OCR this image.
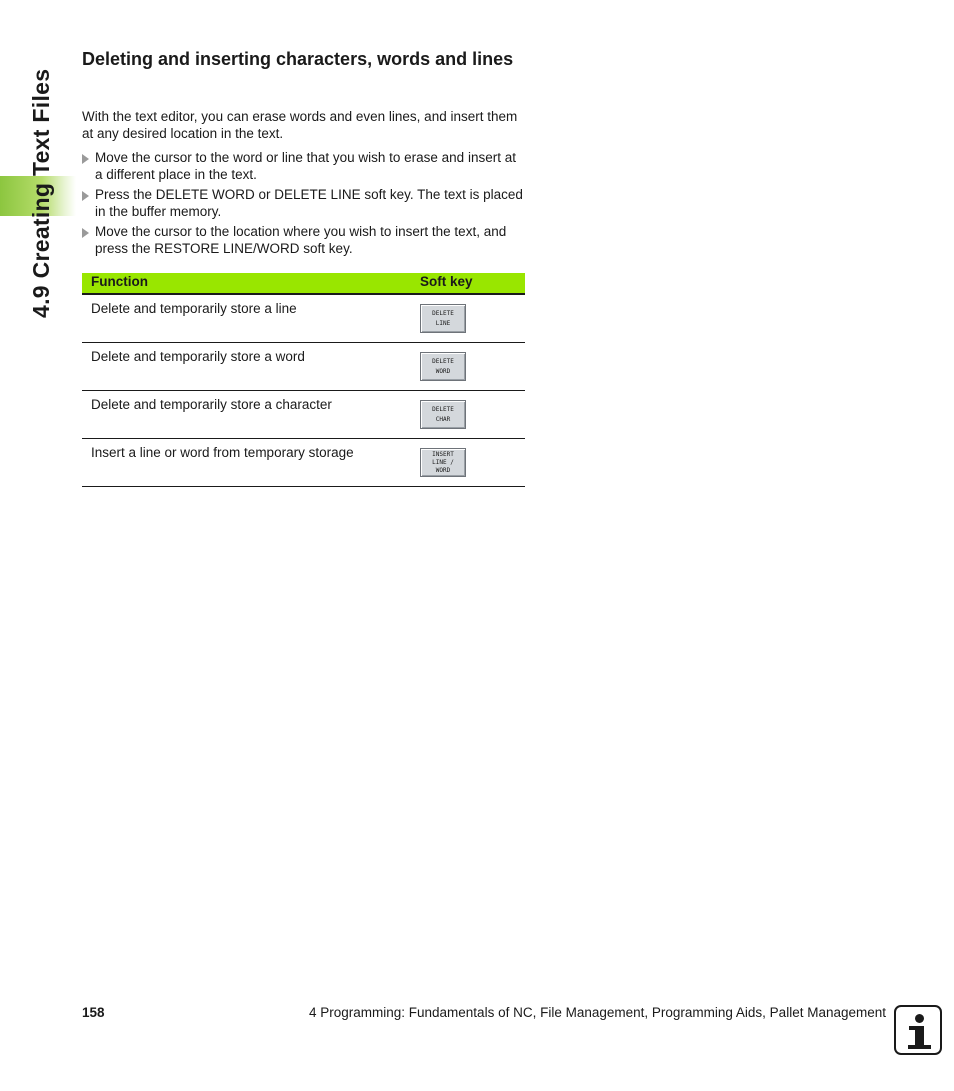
4.9 Creating Text Files
Deleting and inserting characters, words and lines

With the text editor, you can erase words and even lines, and insert them at any desired location in the text.

Move the cursor to the word or line that you wish to erase and insert at a different place in the text.
Press the DELETE WORD or DELETE LINE soft key. The text is placed in the buffer memory.
Move the cursor to the location where you wish to insert the text, and press the RESTORE LINE/WORD soft key.
Function	Soft key
Delete and temporarily store a line	DELETE
LINE
Delete and temporarily store a word	DELETE
WORD
Delete and temporarily store a character	DELETE
CHAR
Insert a line or word from temporary storage	INSERT
LINE /
WORD
158	4 Programming: Fundamentals of NC, File Management, Programming Aids, Pallet Management
